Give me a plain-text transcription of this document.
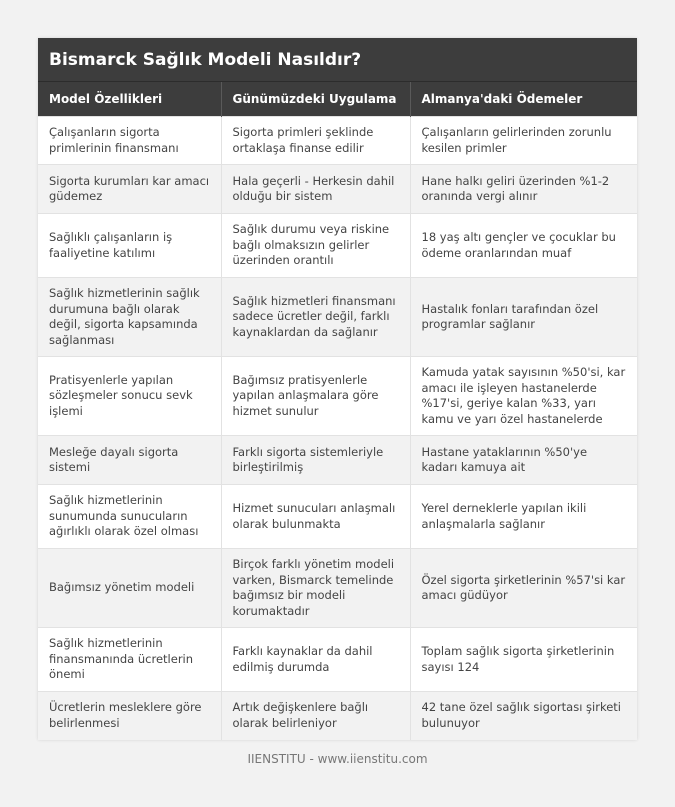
Bismarck Sağlık Modeli Nasıldır?
Model Özellikleri	Günümüzdeki Uygulama	Almanya'daki Ödemeler
Çalışanların sigorta primlerinin finansmanı	Sigorta primleri şeklinde ortaklaşa finanse edilir	Çalışanların gelirlerinden zorunlu kesilen primler
Sigorta kurumları kar amacı güdemez	Hala geçerli - Herkesin dahil olduğu bir sistem	Hane halkı geliri üzerinden %1-2 oranında vergi alınır
Sağlıklı çalışanların iş faaliyetine katılımı	Sağlık durumu veya riskine bağlı olmaksızın gelirler üzerinden orantılı	18 yaş altı gençler ve çocuklar bu ödeme oranlarından muaf
Sağlık hizmetlerinin sağlık durumuna bağlı olarak değil, sigorta kapsamında sağlanması	Sağlık hizmetleri finansmanı sadece ücretler değil, farklı kaynaklardan da sağlanır	Hastalık fonları tarafından özel programlar sağlanır
Pratisyenlerle yapılan sözleşmeler sonucu sevk işlemi	Bağımsız pratisyenlerle yapılan anlaşmalara göre hizmet sunulur	Kamuda yatak sayısının %50'si, kar amacı ile işleyen hastanelerde %17'si, geriye kalan %33, yarı kamu ve yarı özel hastanelerde
Mesleğe dayalı sigorta sistemi	Farklı sigorta sistemleriyle birleştirilmiş	Hastane yataklarının %50'ye kadarı kamuya ait
Sağlık hizmetlerinin sunumunda sunucuların ağırlıklı olarak özel olması	Hizmet sunucuları anlaşmalı olarak bulunmakta	Yerel derneklerle yapılan ikili anlaşmalarla sağlanır
Bağımsız yönetim modeli	Birçok farklı yönetim modeli varken, Bismarck temelinde bağımsız bir modeli korumaktadır	Özel sigorta şirketlerinin %57'si kar amacı güdüyor
Sağlık hizmetlerinin finansmanında ücretlerin önemi	Farklı kaynaklar da dahil edilmiş durumda	Toplam sağlık sigorta şirketlerinin sayısı 124
Ücretlerin mesleklere göre belirlenmesi	Artık değişkenlere bağlı olarak belirleniyor	42 tane özel sağlık sigortası şirketi bulunuyor
IIENSTITU - www.iienstitu.com
